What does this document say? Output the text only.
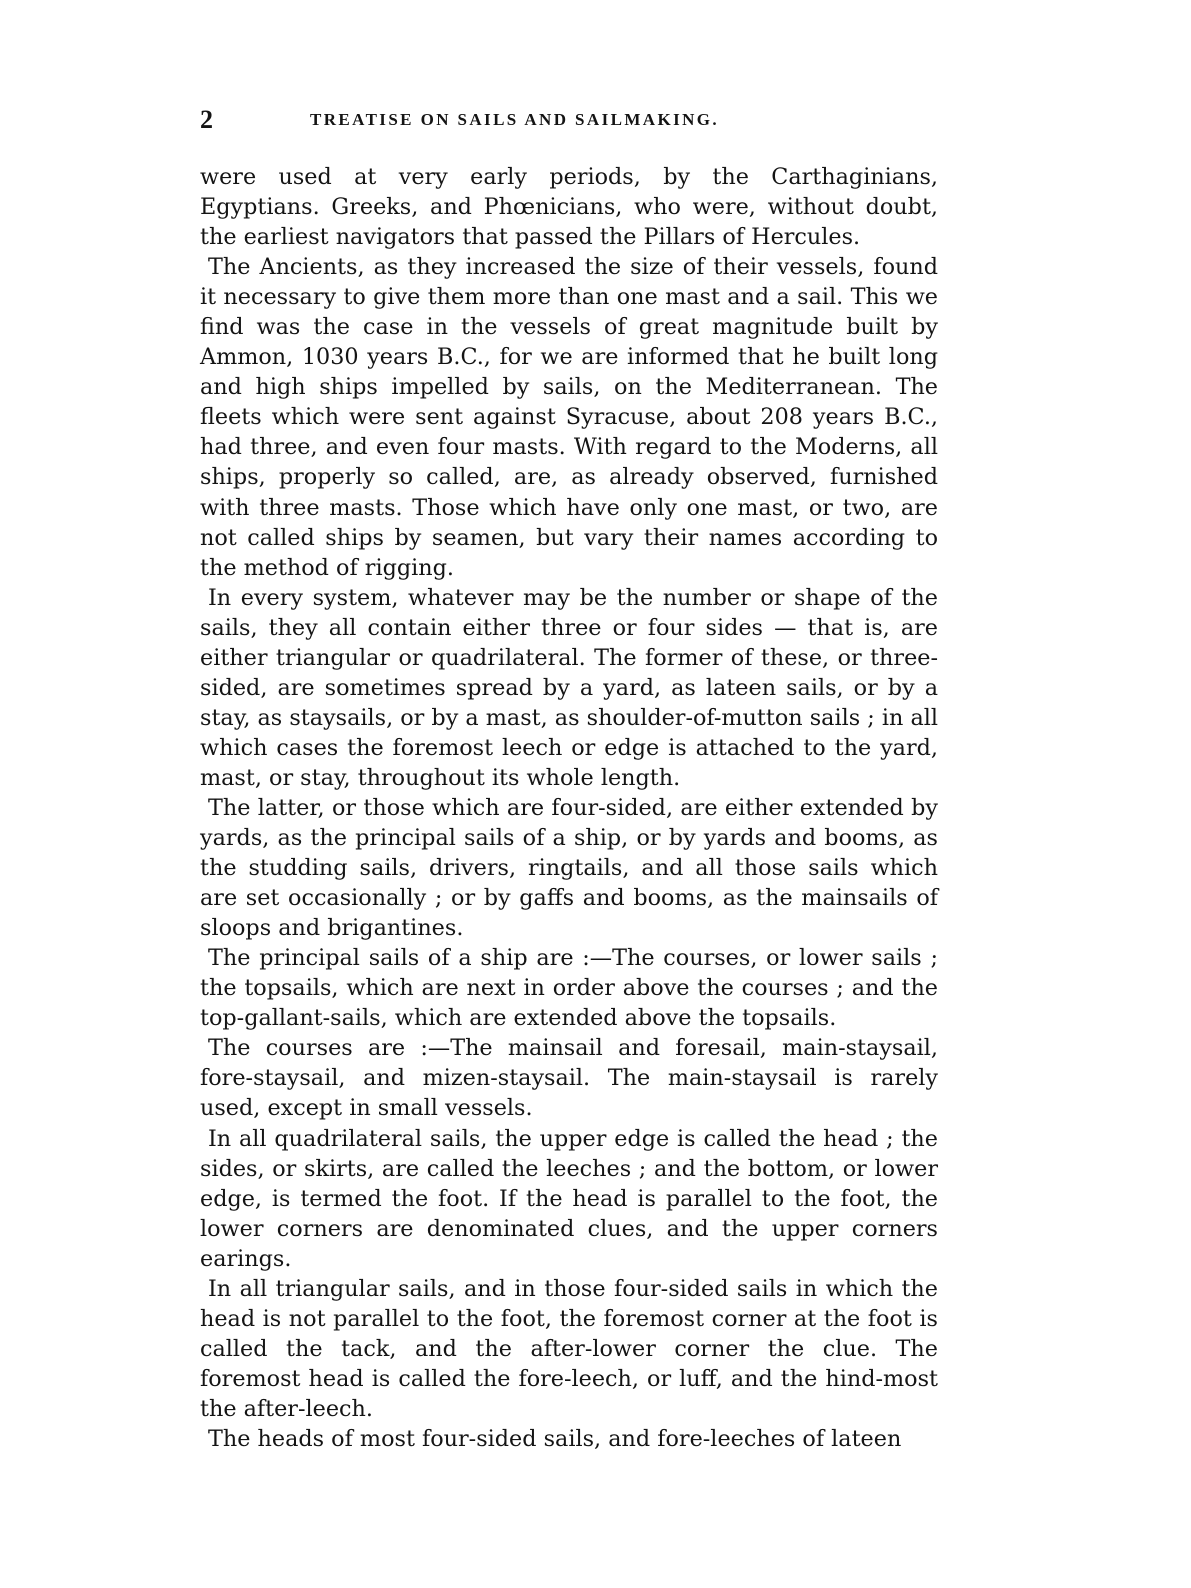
2	TREATISE ON SAILS AND SAILMAKING.

were used at very early periods, by the Carthaginians, Egyptians. Greeks, and Phœnicians, who were, without doubt, the earliest navigators that passed the Pillars of Hercules.

The Ancients, as they increased the size of their vessels, found it necessary to give them more than one mast and a sail. This we find was the case in the vessels of great magnitude built by Ammon, 1030 years B.C., for we are informed that he built long and high ships impelled by sails, on the Mediterranean. The fleets which were sent against Syracuse, about 208 years B.C., had three, and even four masts. With regard to the Moderns, all ships, properly so called, are, as already observed, furnished with three masts. Those which have only one mast, or two, are not called ships by seamen, but vary their names according to the method of rigging.

In every system, whatever may be the number or shape of the sails, they all contain either three or four sides — that is, are either triangular or quadrilateral. The former of these, or three-sided, are sometimes spread by a yard, as lateen sails, or by a stay, as staysails, or by a mast, as shoulder-of-mutton sails ; in all which cases the foremost leech or edge is attached to the yard, mast, or stay, throughout its whole length.

The latter, or those which are four-sided, are either extended by yards, as the principal sails of a ship, or by yards and booms, as the studding sails, drivers, ringtails, and all those sails which are set occasionally ; or by gaffs and booms, as the mainsails of sloops and brigantines.

The principal sails of a ship are :—The courses, or lower sails ; the topsails, which are next in order above the courses ; and the top-gallant-sails, which are extended above the topsails.

The courses are :—The mainsail and foresail, main-staysail, fore-staysail, and mizen-staysail. The main-staysail is rarely used, except in small vessels.

In all quadrilateral sails, the upper edge is called the head ; the sides, or skirts, are called the leeches ; and the bottom, or lower edge, is termed the foot. If the head is parallel to the foot, the lower corners are denominated clues, and the upper corners earings.

In all triangular sails, and in those four-sided sails in which the head is not parallel to the foot, the foremost corner at the foot is called the tack, and the after-lower corner the clue. The foremost head is called the fore-leech, or luff, and the hind-most the after-leech.

The heads of most four-sided sails, and fore-leeches of lateen
